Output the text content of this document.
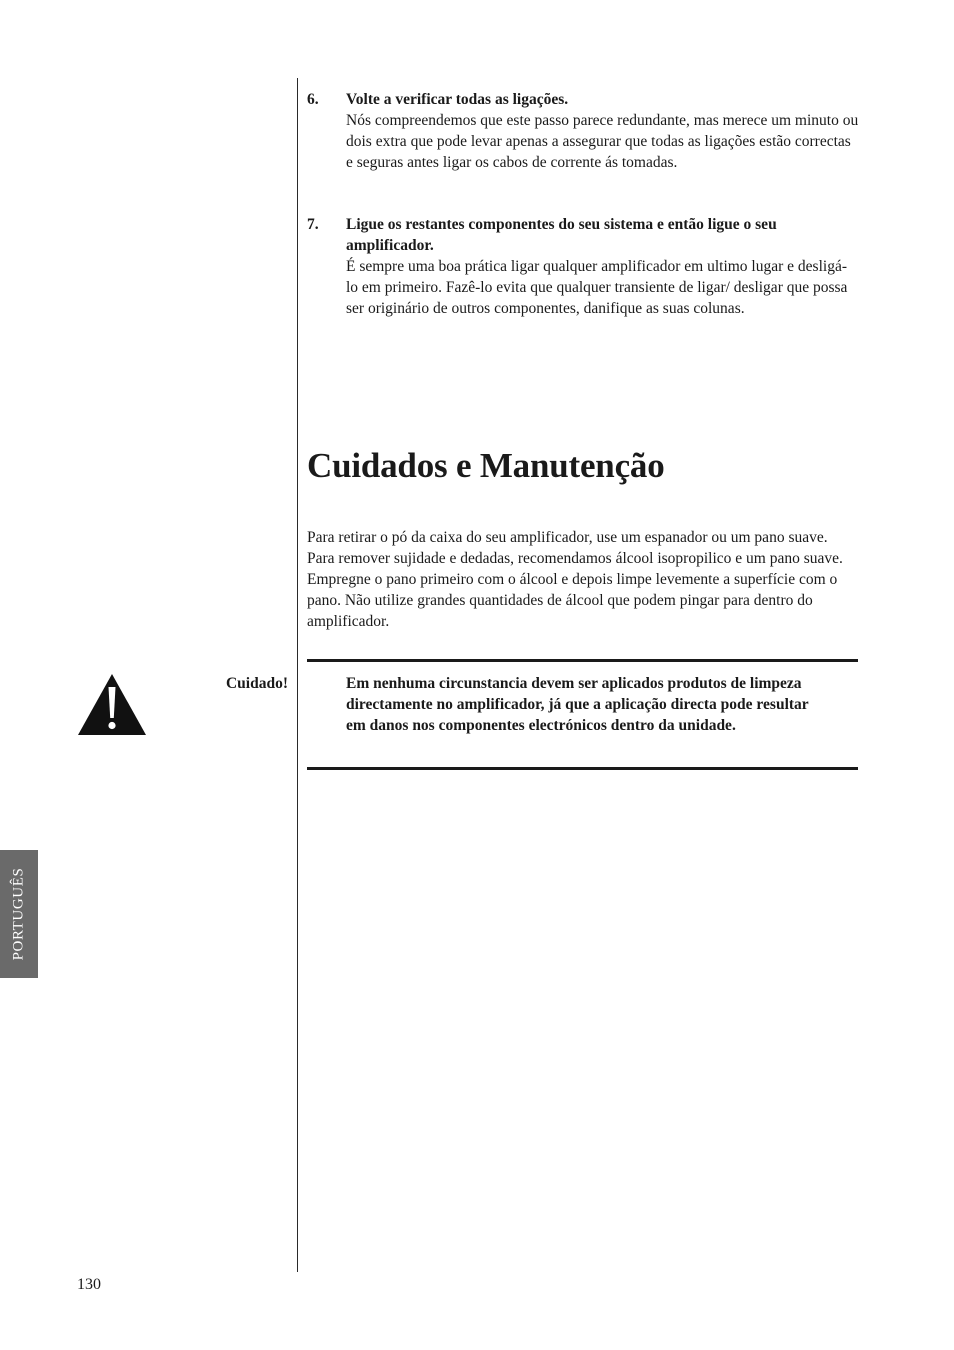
6. Volte a verificar todas as ligações.
Nós compreendemos que este passo parece redundante, mas merece um minuto ou dois extra que pode levar apenas a assegurar que todas as ligações estão correctas e seguras antes ligar os cabos de corrente ás tomadas.
7. Ligue os restantes componentes do seu sistema e então ligue o seu amplificador.
É sempre uma boa prática ligar qualquer amplificador em ultimo lugar e desligá-lo em primeiro. Fazê-lo evita que qualquer transiente de ligar/ desligar que possa ser originário de outros componentes, danifique as suas colunas.
Cuidados e Manutenção
Para retirar o pó da caixa do seu amplificador, use um espanador ou um pano suave. Para remover sujidade e dedadas, recomendamos álcool isopropilico e um pano suave. Empregne o pano primeiro com o álcool e depois limpe levemente a superfície com o pano. Não utilize grandes quantidades de álcool que podem pingar para dentro do amplificador.
Cuidado!	Em nenhuma circunstancia devem ser aplicados produtos de limpeza directamente no amplificador, já que a aplicação directa pode resultar em danos nos componentes electrónicos dentro da unidade.
PORTUGUÊS
130
